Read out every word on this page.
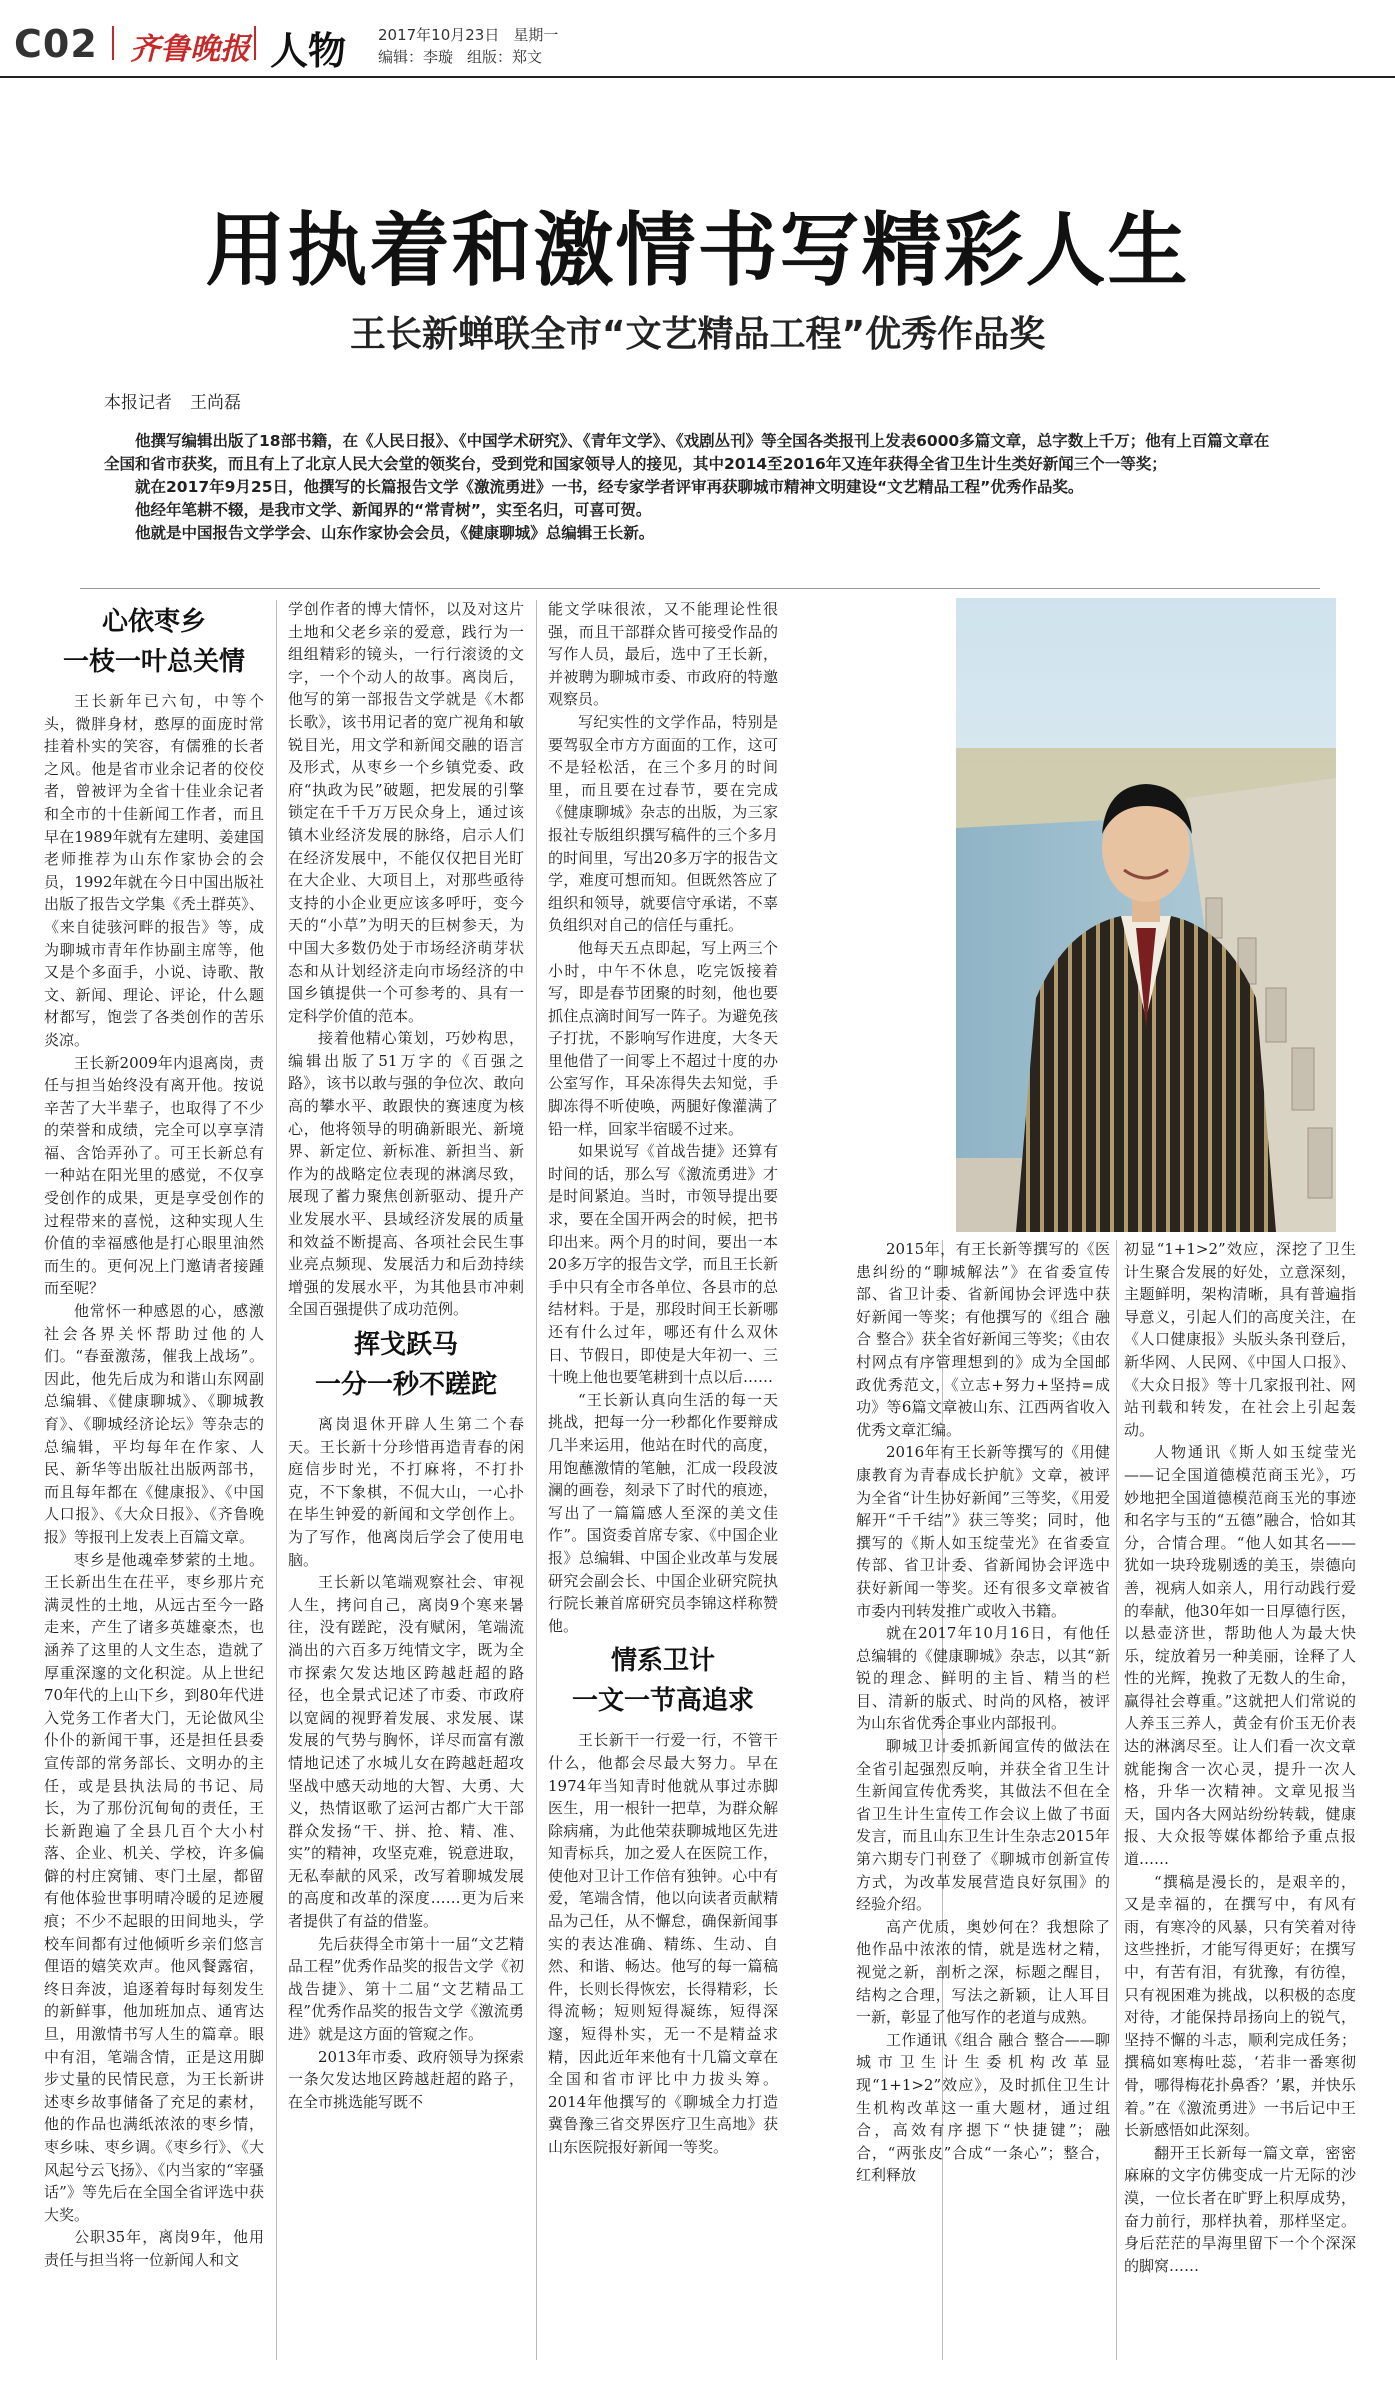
C02 齐鲁晚报 人物 2017年10月23日 星期一
编辑：李璇 组版：郑文
用执着和激情书写精彩人生
王长新蝉联全市“文艺精品工程”优秀作品奖
本报记者 王尚磊

他撰写编辑出版了18部书籍，在《人民日报》、《中国学术研究》、《青年文学》、《戏剧丛刊》等全国各类报刊上发表6000多篇文章，总字数上千万；他有上百篇文章在全国和省市获奖，而且有上了北京人民大会堂的领奖台，受到党和国家领导人的接见，其中2014至2016年又连年获得全省卫生计生类好新闻三个一等奖；

就在2017年9月25日，他撰写的长篇报告文学《激流勇进》一书，经专家学者评审再获聊城市精神文明建设“文艺精品工程”优秀作品奖。

他经年笔耕不辍，是我市文学、新闻界的“常青树”，实至名归，可喜可贺。

他就是中国报告文学学会、山东作家协会会员，《健康聊城》总编辑王长新。

心依枣乡
一枝一叶总关情

王长新年已六旬，中等个头，微胖身材，憨厚的面庞时常挂着朴实的笑容，有儒雅的长者之风。他是省市业余记者的佼佼者，曾被评为全省十佳业余记者和全市的十佳新闻工作者，而且早在1989年就有左建明、姜建国老师推荐为山东作家协会的会员，1992年就在今日中国出版社出版了报告文学集《秃土群英》、《来自徒骇河畔的报告》等，成为聊城市青年作协副主席等，他又是个多面手，小说、诗歌、散文、新闻、理论、评论，什么题材都写，饱尝了各类创作的苦乐炎凉。

王长新2009年内退离岗，责任与担当始终没有离开他。按说辛苦了大半辈子，也取得了不少的荣誉和成绩，完全可以享享清福、含饴弄孙了。可王长新总有一种站在阳光里的感觉，不仅享受创作的成果，更是享受创作的过程带来的喜悦，这种实现人生价值的幸福感他是打心眼里油然而生的。更何况上门邀请者接踵而至呢？

他常怀一种感恩的心，感激社会各界关怀帮助过他的人们。“春蚕激荡，催我上战场”。因此，他先后成为和谐山东网副总编辑、《健康聊城》、《聊城教育》、《聊城经济论坛》等杂志的总编辑，平均每年在作家、人民、新华等出版社出版两部书，而且每年都在《健康报》、《中国人口报》、《大众日报》、《齐鲁晚报》等报刊上发表上百篇文章。

枣乡是他魂牵梦萦的土地。王长新出生在茌平，枣乡那片充满灵性的土地，从远古至今一路走来，产生了诸多英雄豪杰，也涵养了这里的人文生态，造就了厚重深邃的文化积淀。从上世纪70年代的上山下乡，到80年代进入党务工作者大门，无论做风尘仆仆的新闻干事，还是担任县委宣传部的常务部长、文明办的主任，或是县执法局的书记、局长，为了那份沉甸甸的责任，王长新跑遍了全县几百个大小村落、企业、机关、学校，许多偏僻的村庄窝铺、枣门土屋，都留有他体验世事明晴冷暖的足迹履痕；不少不起眼的田间地头，学校车间都有过他倾听乡亲们悠言俚语的嬉笑欢声。他风餐露宿，终日奔波，追逐着每时每刻发生的新鲜事，他加班加点、通宵达旦，用激情书写人生的篇章。眼中有泪，笔端含情，正是这用脚步丈量的民情民意，为王长新讲述枣乡故事储备了充足的素材，他的作品也满纸浓浓的枣乡情，枣乡味、枣乡调。《枣乡行》、《大风起兮云飞扬》、《内当家的“宰骚话”》等先后在全国全省评选中获大奖。

公职35年，离岗9年，他用责任与担当将一位新闻人和文

学创作者的博大情怀，以及对这片土地和父老乡亲的爱意，践行为一组组精彩的镜头，一行行滚烫的文字，一个个动人的故事。离岗后，他写的第一部报告文学就是《木都长歌》，该书用记者的宽广视角和敏锐目光，用文学和新闻交融的语言及形式，从枣乡一个乡镇党委、政府“执政为民”破题，把发展的引擎锁定在千千万万民众身上，通过该镇木业经济发展的脉络，启示人们在经济发展中，不能仅仅把目光盯在大企业、大项目上，对那些亟待支持的小企业更应该多呼吁，变今天的“小草”为明天的巨树参天，为中国大多数仍处于市场经济萌芽状态和从计划经济走向市场经济的中国乡镇提供一个可参考的、具有一定科学价值的范本。

接着他精心策划，巧妙构思，编辑出版了51万字的《百强之路》，该书以敢与强的争位次、敢向高的攀水平、敢跟快的赛速度为核心，他将领导的明确新眼光、新境界、新定位、新标准、新担当、新作为的战略定位表现的淋漓尽致，展现了蓄力聚焦创新驱动、提升产业发展水平、县域经济发展的质量和效益不断提高、各项社会民生事业亮点频现、发展活力和后劲持续增强的发展水平，为其他县市冲刺全国百强提供了成功范例。

挥戈跃马
一分一秒不蹉跎

离岗退休开辟人生第二个春天。王长新十分珍惜再造青春的闲庭信步时光，不打麻将，不打扑克，不下象棋，不侃大山，一心扑在毕生钟爱的新闻和文学创作上。为了写作，他离岗后学会了使用电脑。

王长新以笔端观察社会、审视人生，拷问自己，离岗9个寒来暑往，没有蹉跎，没有赋闲，笔端流淌出的六百多万纯情文字，既为全市探索欠发达地区跨越赶超的路径，也全景式记述了市委、市政府以宽阔的视野着发展、求发展、谋发展的气势与胸怀，详尽而富有激情地记述了水城儿女在跨越赶超攻坚战中感天动地的大智、大勇、大义，热情讴歌了运河古都广大干部群众发扬“干、拼、抢、精、准、实”的精神，攻坚克难，锐意进取，无私奉献的风采，改写着聊城发展的高度和改革的深度……更为后来者提供了有益的借鉴。

先后获得全市第十一届“文艺精品工程”优秀作品奖的报告文学《初战告捷》、第十二届“文艺精品工程”优秀作品奖的报告文学《激流勇进》就是这方面的管窥之作。

2013年市委、政府领导为探索一条欠发达地区跨越赶超的路子，在全市挑选能写既不

能文学味很浓，又不能理论性很强，而且干部群众皆可接受作品的写作人员，最后，选中了王长新，并被聘为聊城市委、市政府的特邀观察员。

写纪实性的文学作品，特别是要驾驭全市方方面面的工作，这可不是轻松活，在三个多月的时间里，而且要在过春节，要在完成《健康聊城》杂志的出版，为三家报社专版组织撰写稿件的三个多月的时间里，写出20多万字的报告文学，难度可想而知。但既然答应了组织和领导，就要信守承诺，不辜负组织对自己的信任与重托。

他每天五点即起，写上两三个小时，中午不休息，吃完饭接着写，即是春节团聚的时刻，他也要抓住点滴时间写一阵子。为避免孩子打扰，不影响写作进度，大冬天里他借了一间零上不超过十度的办公室写作，耳朵冻得失去知觉，手脚冻得不听使唤，两腿好像灌满了铅一样，回家半宿暖不过来。

如果说写《首战告捷》还算有时间的话，那么写《激流勇进》才是时间紧迫。当时，市领导提出要求，要在全国开两会的时候，把书印出来。两个月的时间，要出一本20多万字的报告文学，而且王长新手中只有全市各单位、各县市的总结材料。于是，那段时间王长新哪还有什么过年，哪还有什么双休日、节假日，即使是大年初一、三十晚上他也要笔耕到十点以后……

“王长新认真向生活的每一天挑战，把每一分一秒都化作要辩成几半来运用，他站在时代的高度，用饱蘸激情的笔触，汇成一段段波澜的画卷，刻录下了时代的痕迹，写出了一篇篇感人至深的美文佳作”。国资委首席专家、《中国企业报》总编辑、中国企业改革与发展研究会副会长、中国企业研究院执行院长兼首席研究员李锦这样称赞他。

情系卫计
一文一节高追求

王长新干一行爱一行，不管干什么，他都会尽最大努力。早在1974年当知青时他就从事过赤脚医生，用一根针一把草，为群众解除病痛，为此他荣获聊城地区先进知青标兵，加之爱人在医院工作，使他对卫计工作倍有独钟。心中有爱，笔端含情，他以向读者贡献精品为己任，从不懈怠，确保新闻事实的表达准确、精练、生动、自然、和谐、畅达。他写的每一篇稿件，长则长得恢宏，长得精彩，长得流畅；短则短得凝练，短得深邃，短得朴实，无一不是精益求精，因此近年来他有十几篇文章在全国和省市评比中力拔头筹。2014年他撰写的《聊城全力打造冀鲁豫三省交界医疗卫生高地》获山东医院报好新闻一等奖。

2015年，有王长新等撰写的《医患纠纷的“聊城解法”》在省委宣传部、省卫计委、省新闻协会评选中获好新闻一等奖；有他撰写的《组合 融合 整合》获全省好新闻三等奖；《由农村网点有序管理想到的》成为全国邮政优秀范文，《立志+努力+坚持=成功》等6篇文章被山东、江西两省收入优秀文章汇编。

2016年有王长新等撰写的《用健康教育为青春成长护航》文章，被评为全省“计生协好新闻”三等奖，《用爱解开“千千结”》获三等奖；同时，他撰写的《斯人如玉绽莹光》在省委宣传部、省卫计委、省新闻协会评选中获好新闻一等奖。还有很多文章被省市委内刊转发推广或收入书籍。

就在2017年10月16日，有他任总编辑的《健康聊城》杂志，以其“新锐的理念、鲜明的主旨、精当的栏目、清新的版式、时尚的风格，被评为山东省优秀企事业内部报刊。

聊城卫计委抓新闻宣传的做法在全省引起强烈反响，并获全省卫生计生新闻宣传优秀奖，其做法不但在全省卫生计生宣传工作会议上做了书面发言，而且山东卫生计生杂志2015年第六期专门刊登了《聊城市创新宣传方式，为改革发展营造良好氛围》的经验介绍。

高产优质，奥妙何在？我想除了他作品中浓浓的情，就是选材之精，视觉之新，剖析之深，标题之醒目，结构之合理，写法之新颖，让人耳目一新，彰显了他写作的老道与成熟。

工作通讯《组合 融合 整合——聊城市卫生计生委机构改革显现“1+1>2”效应》，及时抓住卫生计生机构改革这一重大题材，通过组合，高效有序摁下“快捷键”；融合，“两张皮”合成“一条心”；整合，红利释放

初显“1+1>2”效应，深挖了卫生计生聚合发展的好处，立意深刻，主题鲜明，架构清晰，具有普遍指导意义，引起人们的高度关注，在《人口健康报》头版头条刊登后，新华网、人民网、《中国人口报》、《大众日报》等十几家报刊社、网站刊载和转发，在社会上引起轰动。

人物通讯《斯人如玉绽莹光——记全国道德模范商玉光》，巧妙地把全国道德模范商玉光的事迹和名字与玉的“五德”融合，恰如其分，合情合理。“他人如其名——犹如一块玲珑剔透的美玉，崇德向善，视病人如亲人，用行动践行爱的奉献，他30年如一日厚德行医，以悬壶济世，帮助他人为最大快乐，绽放着另一种美丽，诠释了人性的光辉，挽救了无数人的生命，赢得社会尊重。”这就把人们常说的人养玉三养人，黄金有价玉无价表达的淋漓尽至。让人们看一次文章就能掬含一次心灵，提升一次人格，升华一次精神。文章见报当天，国内各大网站纷纷转载，健康报、大众报等媒体都给予重点报道……

“撰稿是漫长的，是艰辛的，又是幸福的，在撰写中，有风有雨，有寒冷的风暴，只有笑着对待这些挫折，才能写得更好；在撰写中，有苦有泪，有犹豫，有彷徨，只有视困难为挑战，以积极的态度对待，才能保持昂扬向上的锐气，坚持不懈的斗志，顺利完成任务；撰稿如寒梅吐蕊，‘若非一番寒彻骨，哪得梅花扑鼻香？’累，并快乐着。”在《激流勇进》一书后记中王长新感悟如此深刻。

翻开王长新每一篇文章，密密麻麻的文字仿佛变成一片无际的沙漠，一位长者在旷野上积厚成势，奋力前行，那样执着，那样坚定。身后茫茫的旱海里留下一个个深深的脚窝……
